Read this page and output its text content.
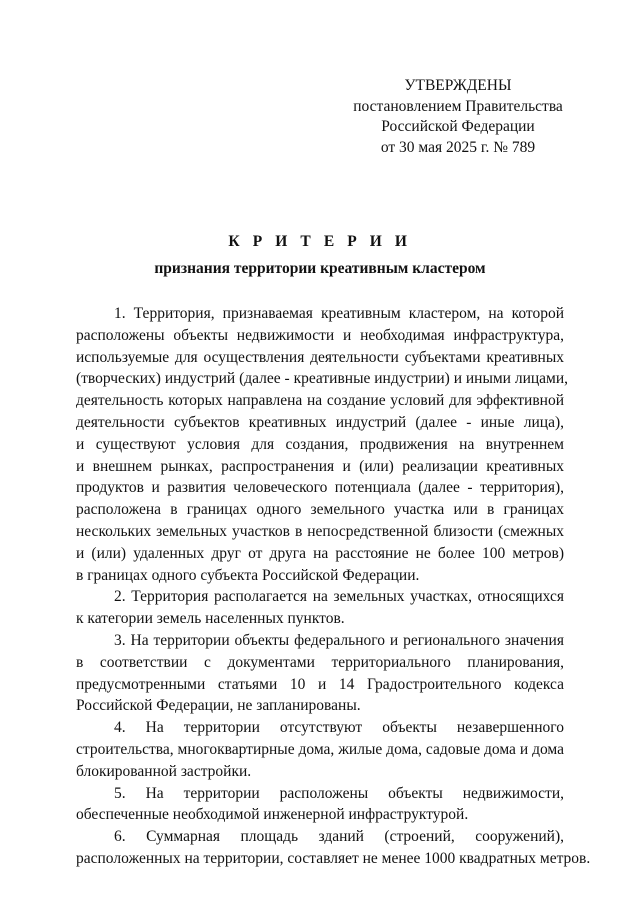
УТВЕРЖДЕНЫ
постановлением Правительства
Российской Федерации
от 30 мая 2025 г. № 789
К Р И Т Е Р И И
признания территории креативным кластером
1. Территория, признаваемая креативным кластером, на которой
расположены объекты недвижимости и необходимая инфраструктура,
используемые для осуществления деятельности субъектами креативных
(творческих) индустрий (далее - креативные индустрии) и иными лицами,
деятельность которых направлена на создание условий для эффективной
деятельности субъектов креативных индустрий (далее - иные лица),
и существуют условия для создания, продвижения на внутреннем
и внешнем рынках, распространения и (или) реализации креативных
продуктов и развития человеческого потенциала (далее - территория),
расположена в границах одного земельного участка или в границах
нескольких земельных участков в непосредственной близости (смежных
и (или) удаленных друг от друга на расстояние не более 100 метров)
в границах одного субъекта Российской Федерации.
2. Территория располагается на земельных участках, относящихся
к категории земель населенных пунктов.
3. На территории объекты федерального и регионального значения
в соответствии с документами территориального планирования,
предусмотренными статьями 10 и 14 Градостроительного кодекса
Российской Федерации, не запланированы.
4. На территории отсутствуют объекты незавершенного
строительства, многоквартирные дома, жилые дома, садовые дома и дома
блокированной застройки.
5. На территории расположены объекты недвижимости,
обеспеченные необходимой инженерной инфраструктурой.
6. Суммарная площадь зданий (строений, сооружений),
расположенных на территории, составляет не менее 1000 квадратных метров.
